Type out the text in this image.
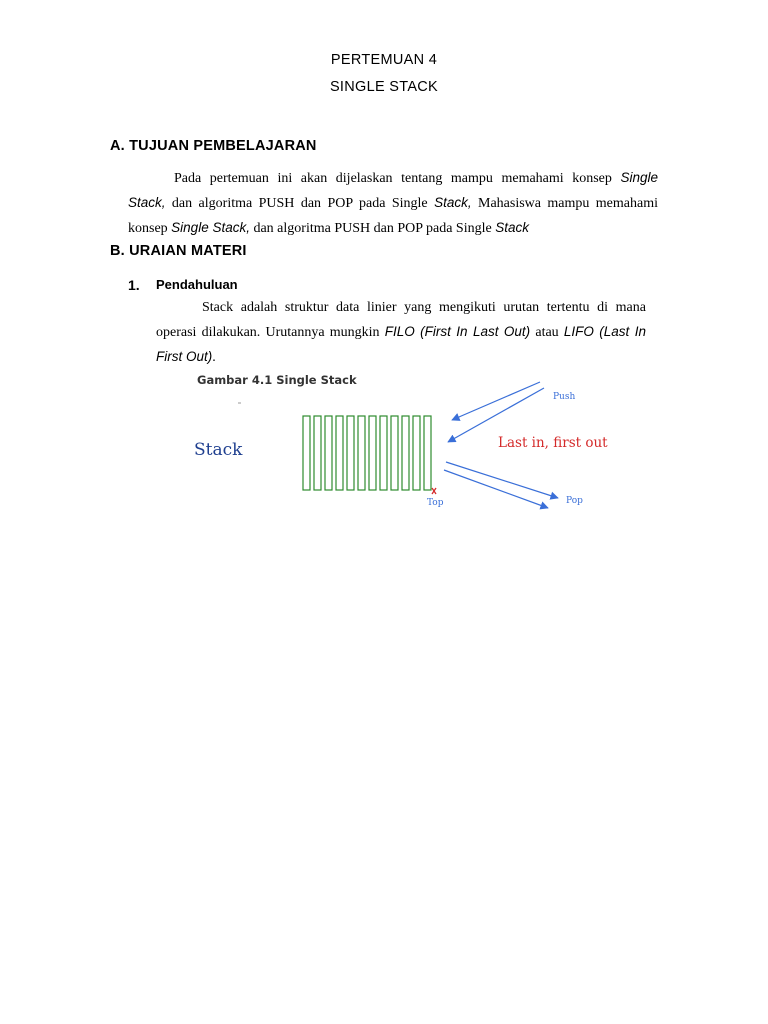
PERTEMUAN 4
SINGLE STACK
A. TUJUAN PEMBELAJARAN
Pada pertemuan ini akan dijelaskan tentang mampu memahami konsep Single
Stack, dan algoritma PUSH dan POP pada Single Stack, Mahasiswa mampu memahami
konsep Single Stack, dan algoritma PUSH dan POP pada Single Stack
B. URAIAN MATERI
1. Pendahuluan
Stack adalah struktur data linier yang mengikuti urutan tertentu di mana
operasi dilakukan. Urutannya mungkin FILO (First In Last Out) atau LIFO (Last In
First Out).
Gambar 4.1 Single Stack
Stack
Top
Push
Last in, first out
Pop
